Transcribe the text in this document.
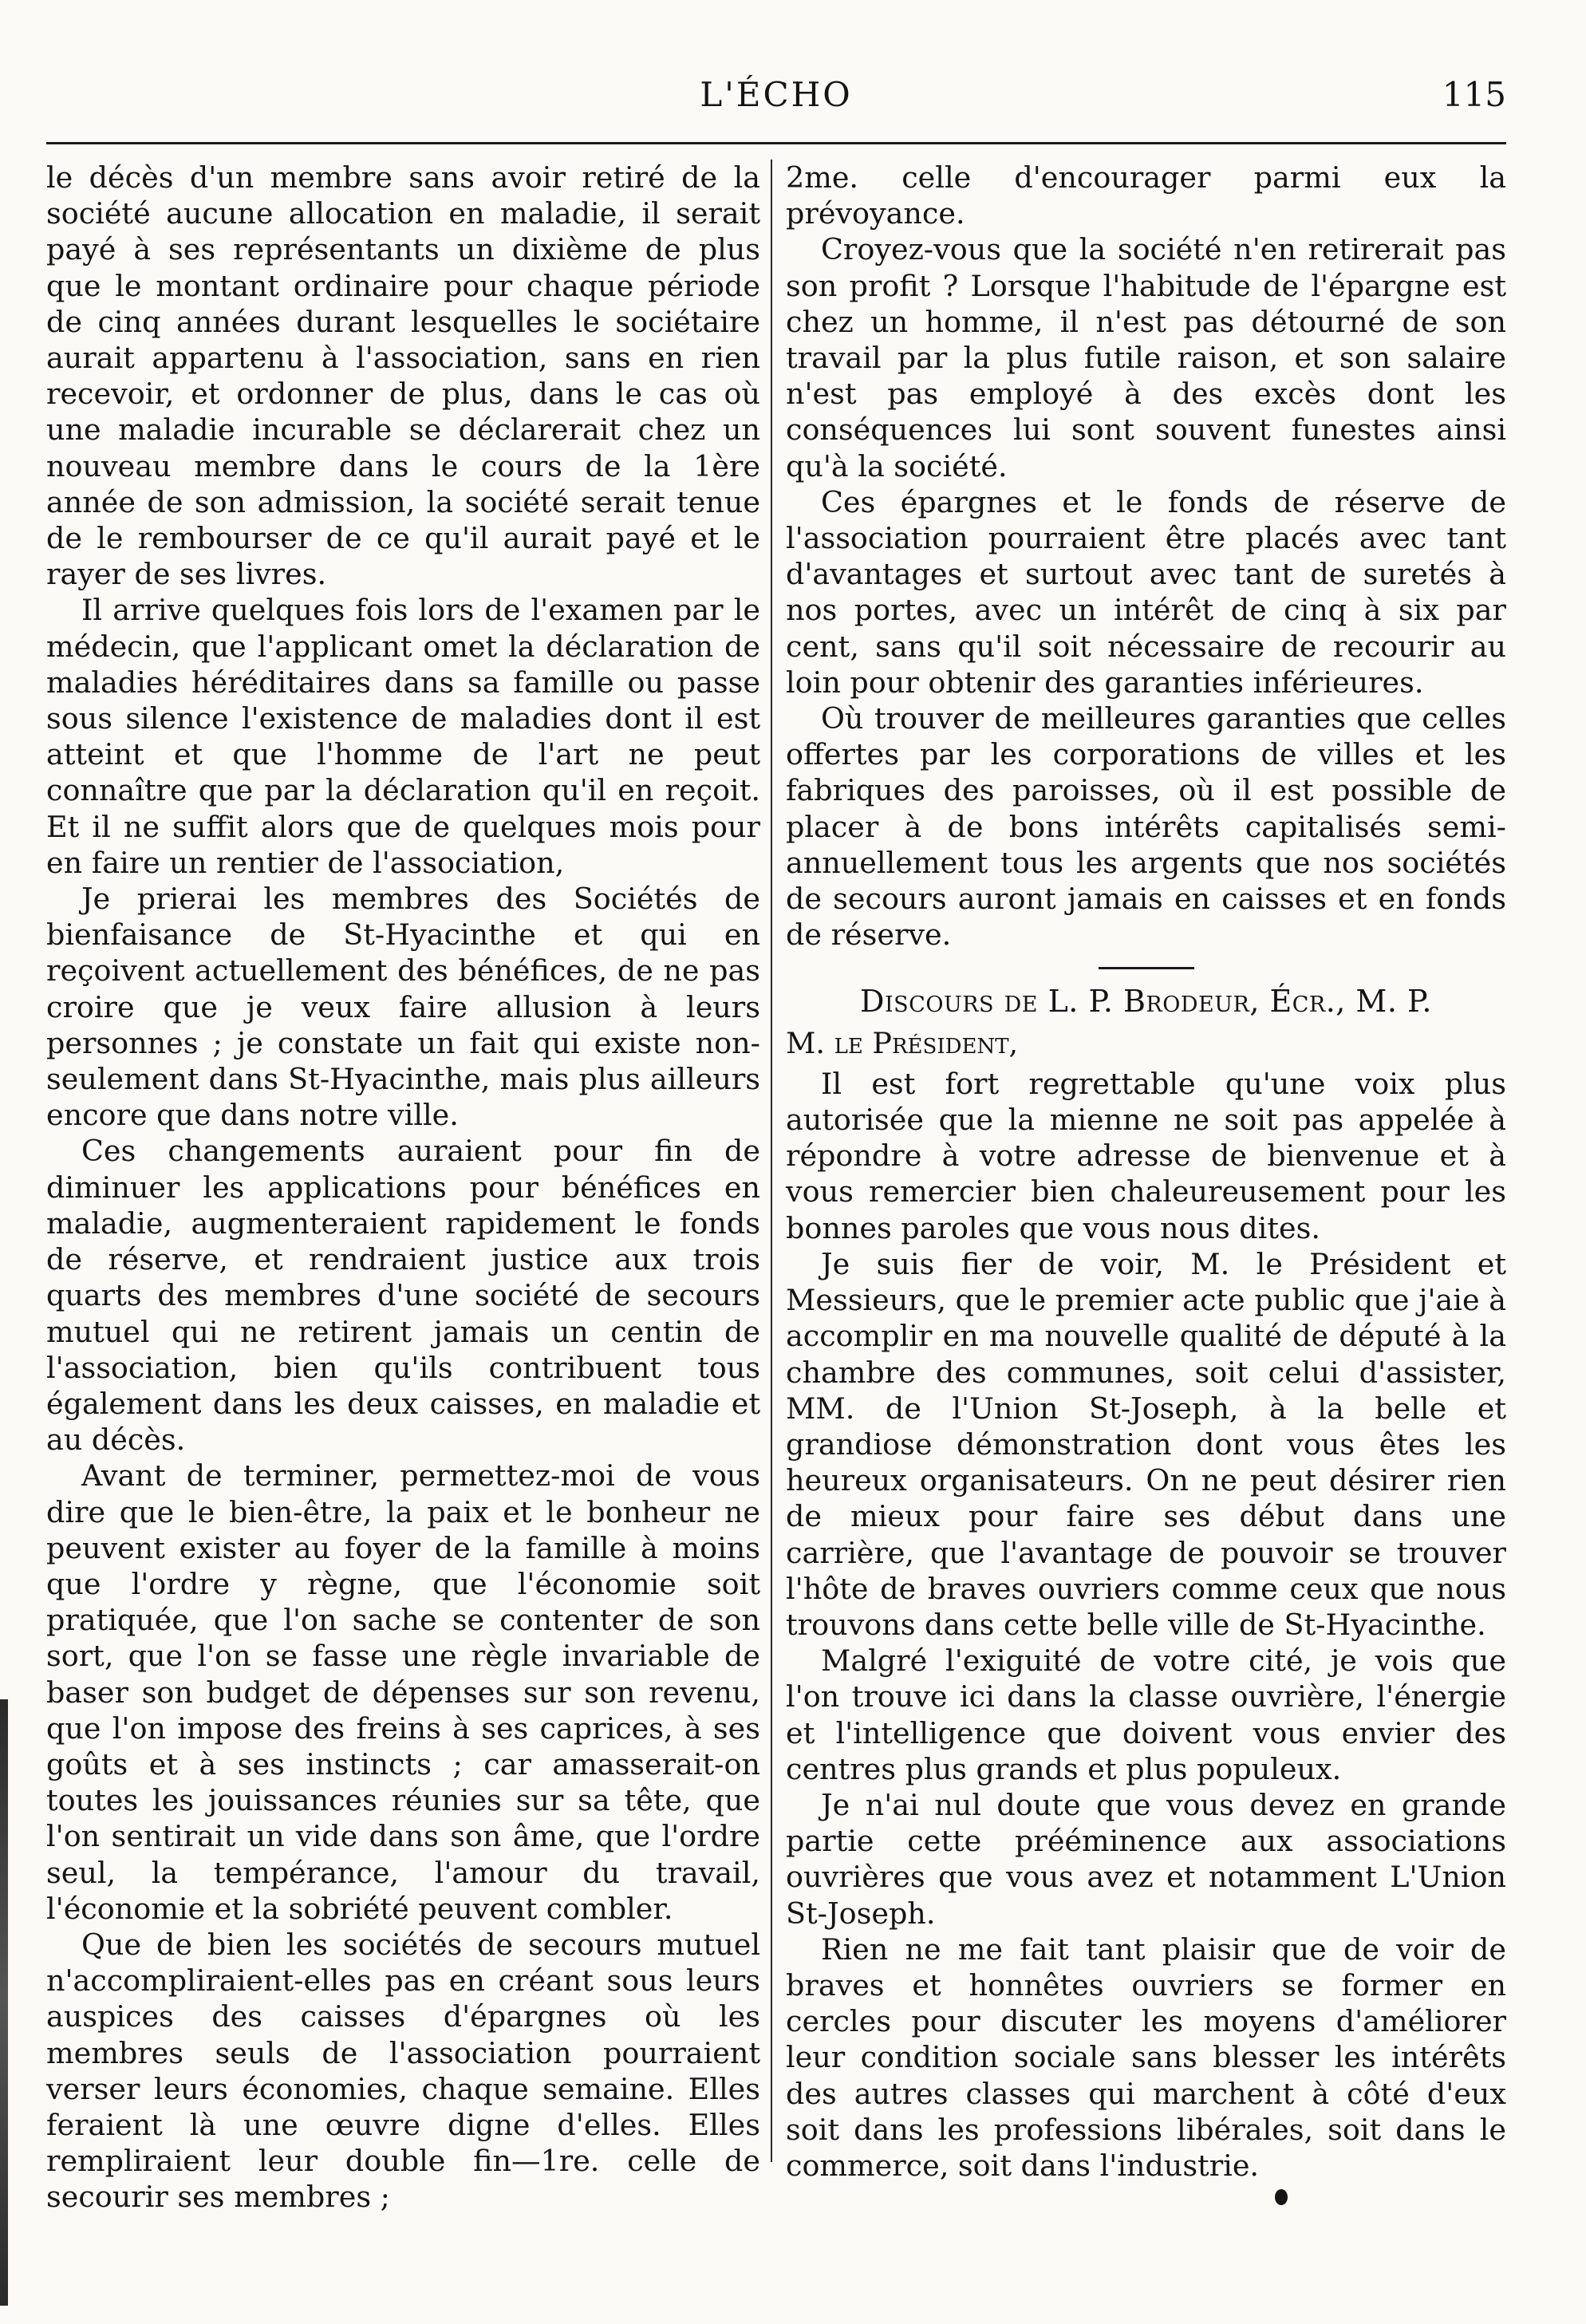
L'ÉCHO	115

le décès d'un membre sans avoir retiré de la société aucune allocation en maladie, il serait payé à ses représentants un dixième de plus que le montant ordinaire pour chaque période de cinq années durant lesquelles le sociétaire aurait appartenu à l'association, sans en rien recevoir, et ordonner de plus, dans le cas où une maladie incurable se déclarerait chez un nouveau membre dans le cours de la 1ère année de son admission, la société serait tenue de le rembourser de ce qu'il aurait payé et le rayer de ses livres.

Il arrive quelques fois lors de l'examen par le médecin, que l'applicant omet la déclaration de maladies héréditaires dans sa famille ou passe sous silence l'existence de maladies dont il est atteint et que l'homme de l'art ne peut connaître que par la déclaration qu'il en reçoit. Et il ne suffit alors que de quelques mois pour en faire un rentier de l'association,

Je prierai les membres des Sociétés de bienfaisance de St-Hyacinthe et qui en reçoivent actuellement des bénéfices, de ne pas croire que je veux faire allusion à leurs personnes ; je constate un fait qui existe non-seulement dans St-Hyacinthe, mais plus ailleurs encore que dans notre ville.

Ces changements auraient pour fin de diminuer les applications pour bénéfices en maladie, augmenteraient rapidement le fonds de réserve, et rendraient justice aux trois quarts des membres d'une société de secours mutuel qui ne retirent jamais un centin de l'association, bien qu'ils contribuent tous également dans les deux caisses, en maladie et au décès.

Avant de terminer, permettez-moi de vous dire que le bien-être, la paix et le bonheur ne peuvent exister au foyer de la famille à moins que l'ordre y règne, que l'économie soit pratiquée, que l'on sache se contenter de son sort, que l'on se fasse une règle invariable de baser son budget de dépenses sur son revenu, que l'on impose des freins à ses caprices, à ses goûts et à ses instincts ; car amasserait-on toutes les jouissances réunies sur sa tête, que l'on sentirait un vide dans son âme, que l'ordre seul, la tempérance, l'amour du travail, l'économie et la sobriété peuvent combler.

Que de bien les sociétés de secours mutuel n'accompliraient-elles pas en créant sous leurs auspices des caisses d'épargnes où les membres seuls de l'association pourraient verser leurs économies, chaque semaine. Elles feraient là une œuvre digne d'elles. Elles rempliraient leur double fin—1re. celle de secourir ses membres ;

2me. celle d'encourager parmi eux la prévoyance.

Croyez-vous que la société n'en retirerait pas son profit ? Lorsque l'habitude de l'épargne est chez un homme, il n'est pas détourné de son travail par la plus futile raison, et son salaire n'est pas employé à des excès dont les conséquences lui sont souvent funestes ainsi qu'à la société.

Ces épargnes et le fonds de réserve de l'association pourraient être placés avec tant d'avantages et surtout avec tant de suretés à nos portes, avec un intérêt de cinq à six par cent, sans qu'il soit nécessaire de recourir au loin pour obtenir des garanties inférieures.

Où trouver de meilleures garanties que celles offertes par les corporations de villes et les fabriques des paroisses, où il est possible de placer à de bons intérêts capitalisés semi-annuellement tous les argents que nos sociétés de secours auront jamais en caisses et en fonds de réserve.

Discours de L. P. Brodeur, Écr., M. P.

M. le Président,

Il est fort regrettable qu'une voix plus autorisée que la mienne ne soit pas appelée à répondre à votre adresse de bienvenue et à vous remercier bien chaleureusement pour les bonnes paroles que vous nous dites.

Je suis fier de voir, M. le Président et Messieurs, que le premier acte public que j'aie à accomplir en ma nouvelle qualité de député à la chambre des communes, soit celui d'assister, MM. de l'Union St-Joseph, à la belle et grandiose démonstration dont vous êtes les heureux organisateurs. On ne peut désirer rien de mieux pour faire ses début dans une carrière, que l'avantage de pouvoir se trouver l'hôte de braves ouvriers comme ceux que nous trouvons dans cette belle ville de St-Hyacinthe.

Malgré l'exiguité de votre cité, je vois que l'on trouve ici dans la classe ouvrière, l'énergie et l'intelligence que doivent vous envier des centres plus grands et plus populeux.

Je n'ai nul doute que vous devez en grande partie cette prééminence aux associations ouvrières que vous avez et notamment L'Union St-Joseph.

Rien ne me fait tant plaisir que de voir de braves et honnêtes ouvriers se former en cercles pour discuter les moyens d'améliorer leur condition sociale sans blesser les intérêts des autres classes qui marchent à côté d'eux soit dans les professions libérales, soit dans le commerce, soit dans l'industrie.
